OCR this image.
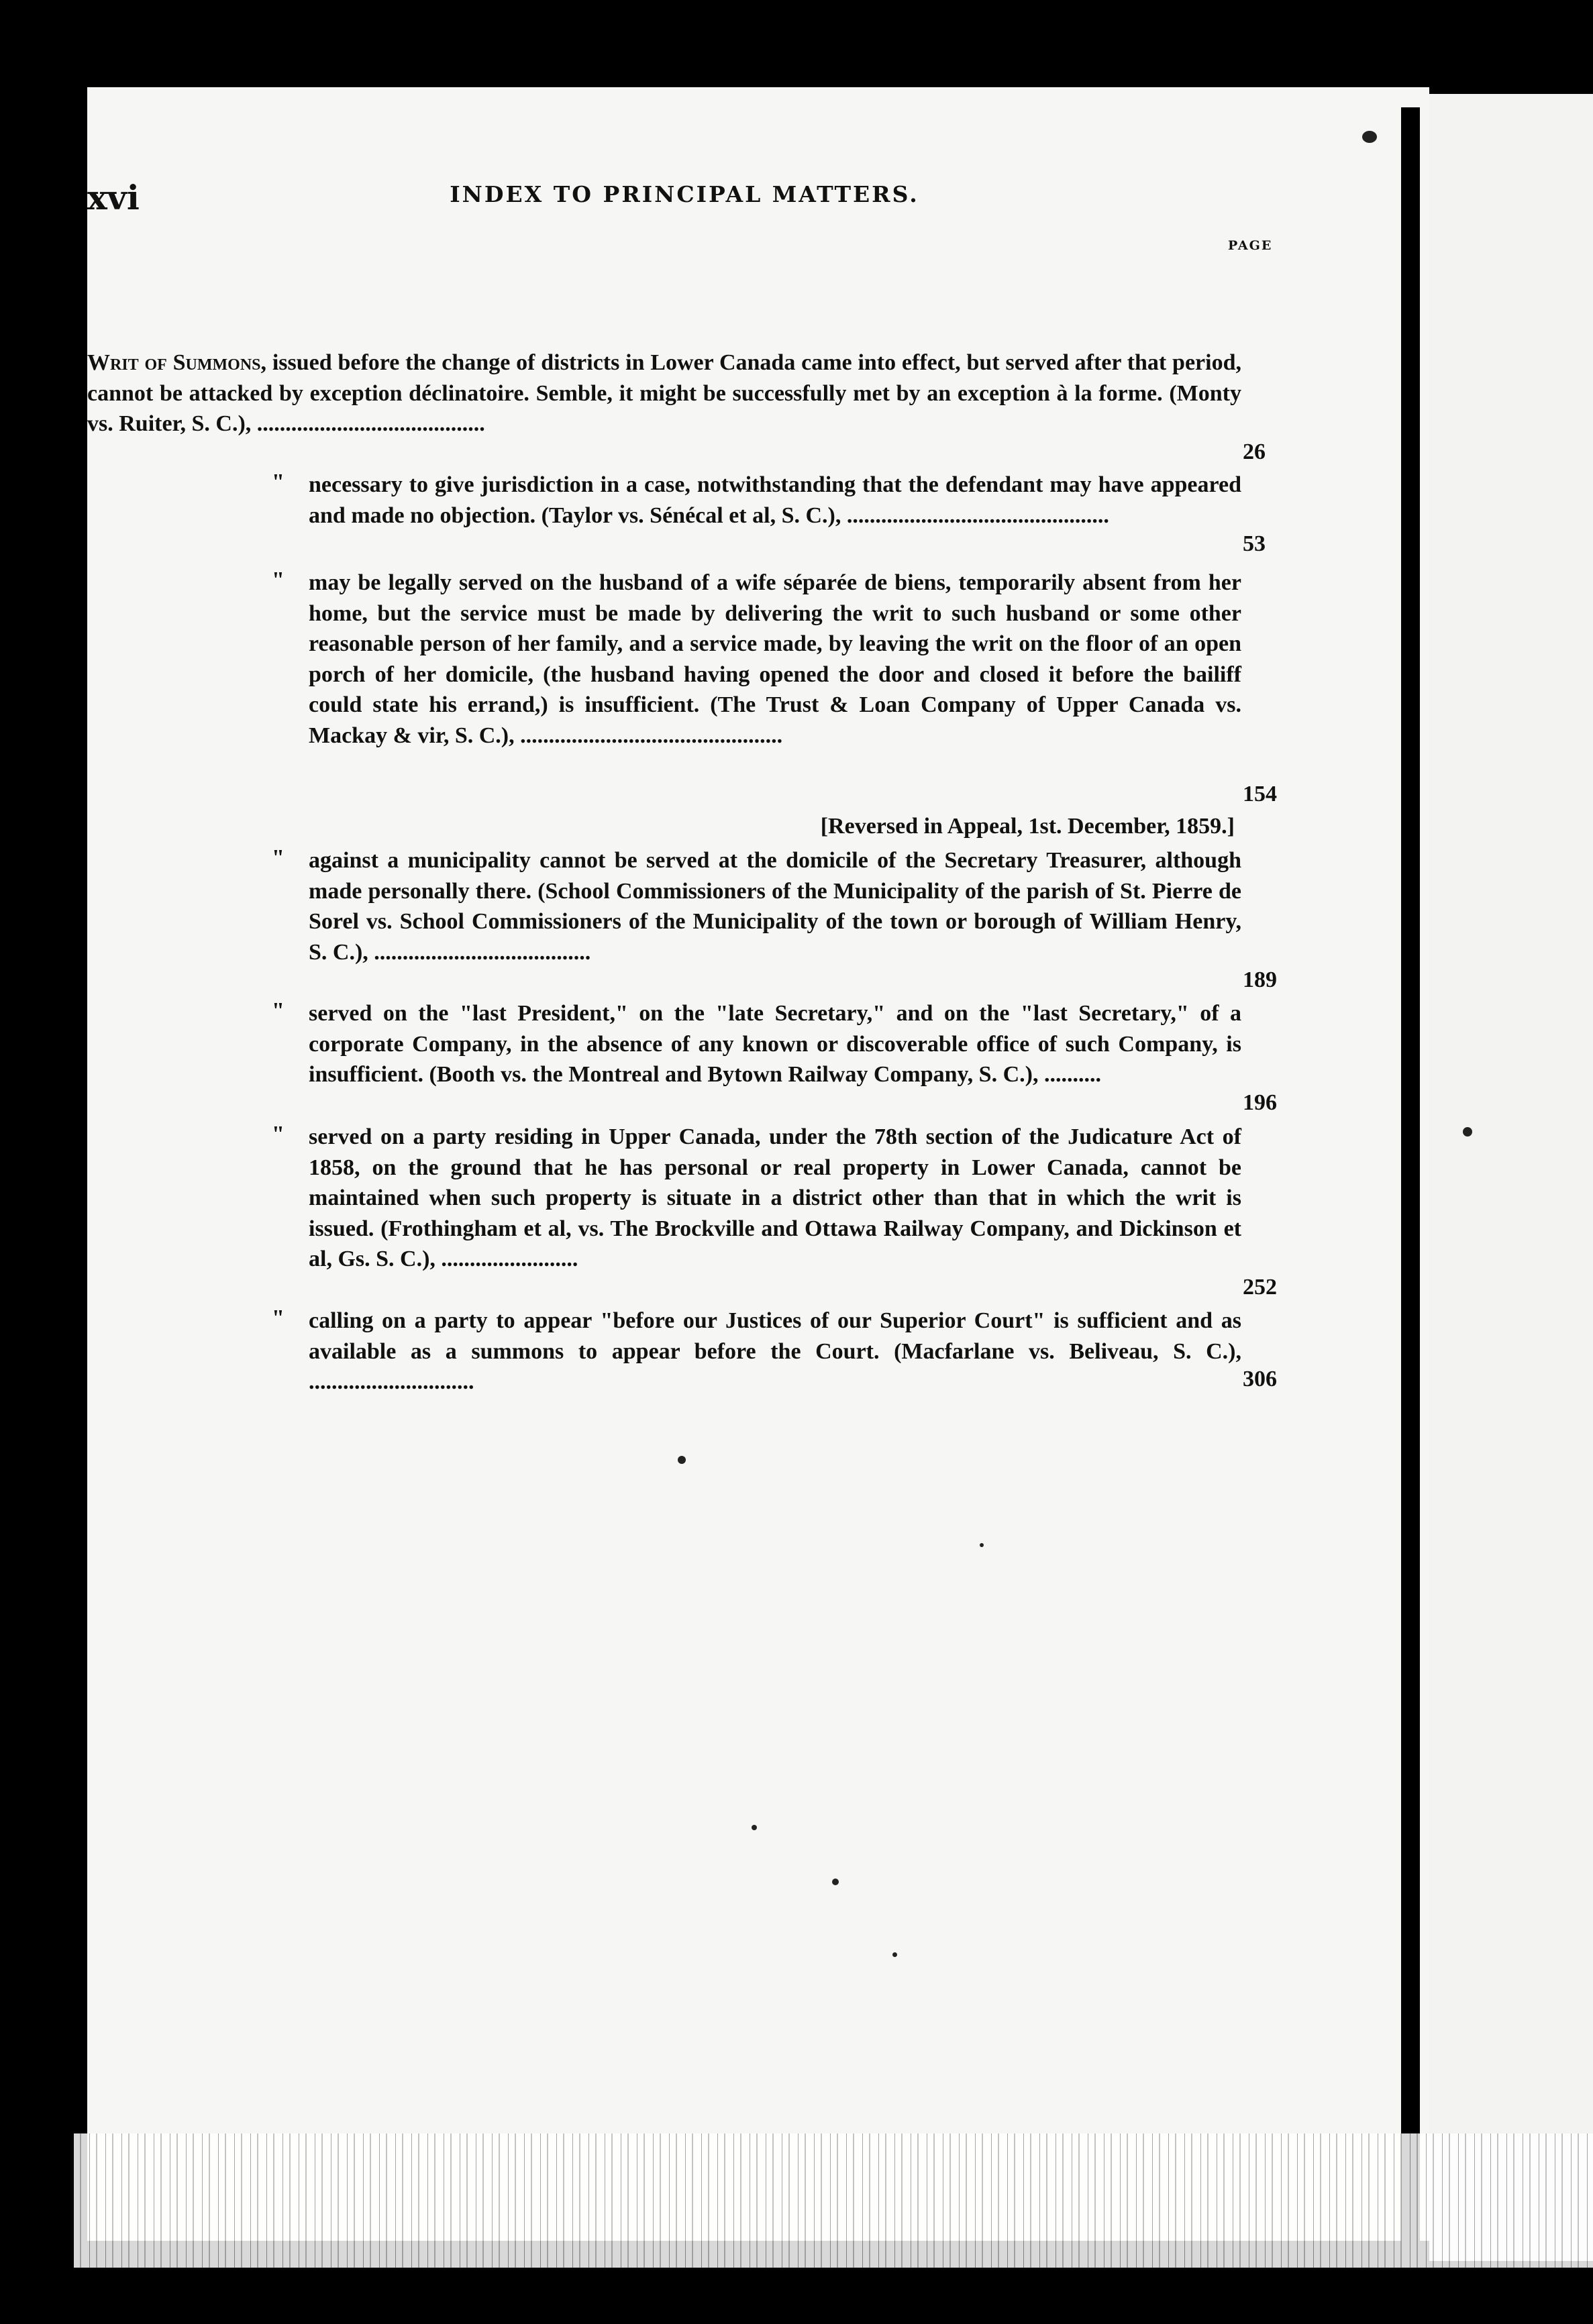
xvi	INDEX TO PRINCIPAL MATTERS.
PAGE
Writ of Summons, issued before the change of districts in Lower Canada came into effect, but served after that period, cannot be attacked by exception déclinatoire. Semble, it might be successfully met by an exception à la forme. (Monty vs. Ruiter, S. C.), ........................................
26
" necessary to give jurisdiction in a case, notwithstanding that the defendant may have appeared and made no objection. (Taylor vs. Sénécal et al, S. C.), ..............................................
53
" may be legally served on the husband of a wife séparée de biens, temporarily absent from her home, but the service must be made by delivering the writ to such husband or some other reasonable person of her family, and a service made, by leaving the writ on the floor of an open porch of her domicile, (the husband having opened the door and closed it before the bailiff could state his errand,) is insufficient. (The Trust & Loan Company of Upper Canada vs. Mackay & vir, S. C.), ..............................................
154
[Reversed in Appeal, 1st. December, 1859.]
" against a municipality cannot be served at the domicile of the Secretary Treasurer, although made personally there. (School Commissioners of the Municipality of the parish of St. Pierre de Sorel vs. School Commissioners of the Municipality of the town or borough of William Henry, S. C.), ......................................
189
" served on the "last President," on the "late Secretary," and on the "last Secretary," of a corporate Company, in the absence of any known or discoverable office of such Company, is insufficient. (Booth vs. the Montreal and Bytown Railway Company, S. C.), ..........
196
" served on a party residing in Upper Canada, under the 78th section of the Judicature Act of 1858, on the ground that he has personal or real property in Lower Canada, cannot be maintained when such property is situate in a district other than that in which the writ is issued. (Frothingham et al, vs. The Brockville and Ottawa Railway Company, and Dickinson et al, Gs. S. C.), ........................
252
" calling on a party to appear "before our Justices of our Superior Court" is sufficient and as available as a summons to appear before the Court. (Macfarlane vs. Beliveau, S. C.), .............................	306
